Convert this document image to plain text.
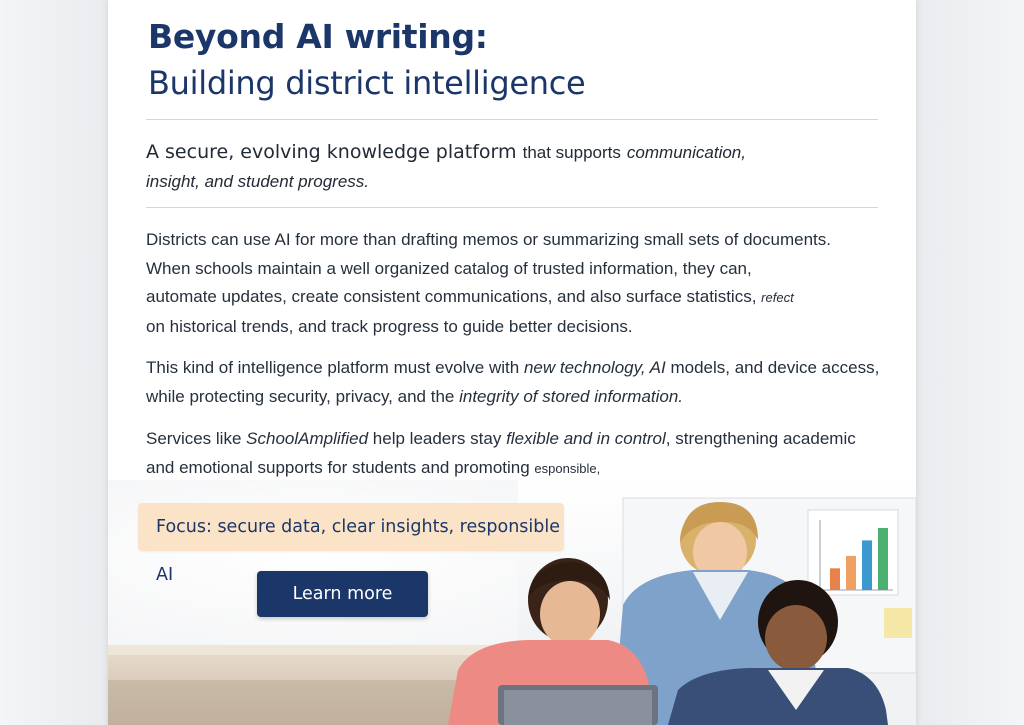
Beyond AI writing:
Building district intelligence
A secure, evolving knowledge platform that supports communication,
insight, and student progress.
Districts can use AI for more than drafting memos or summarizing small sets of documents.
When schools maintain a well organized catalog of trusted information, they can,
automate updates, create consistent communications, and also surface statistics, refect
on historical trends, and track progress to guide better decisions.
This kind of intelligence platform must evolve with new technology, AI models, and device access,
while protecting security, privacy, and the integrity of stored information.
Services like SchoolAmplified help leaders stay flexible and in control, strengthening academic
and emotional supports for students and promoting esponsible,
Focus: secure data, clear insights, responsible AI
Learn more
